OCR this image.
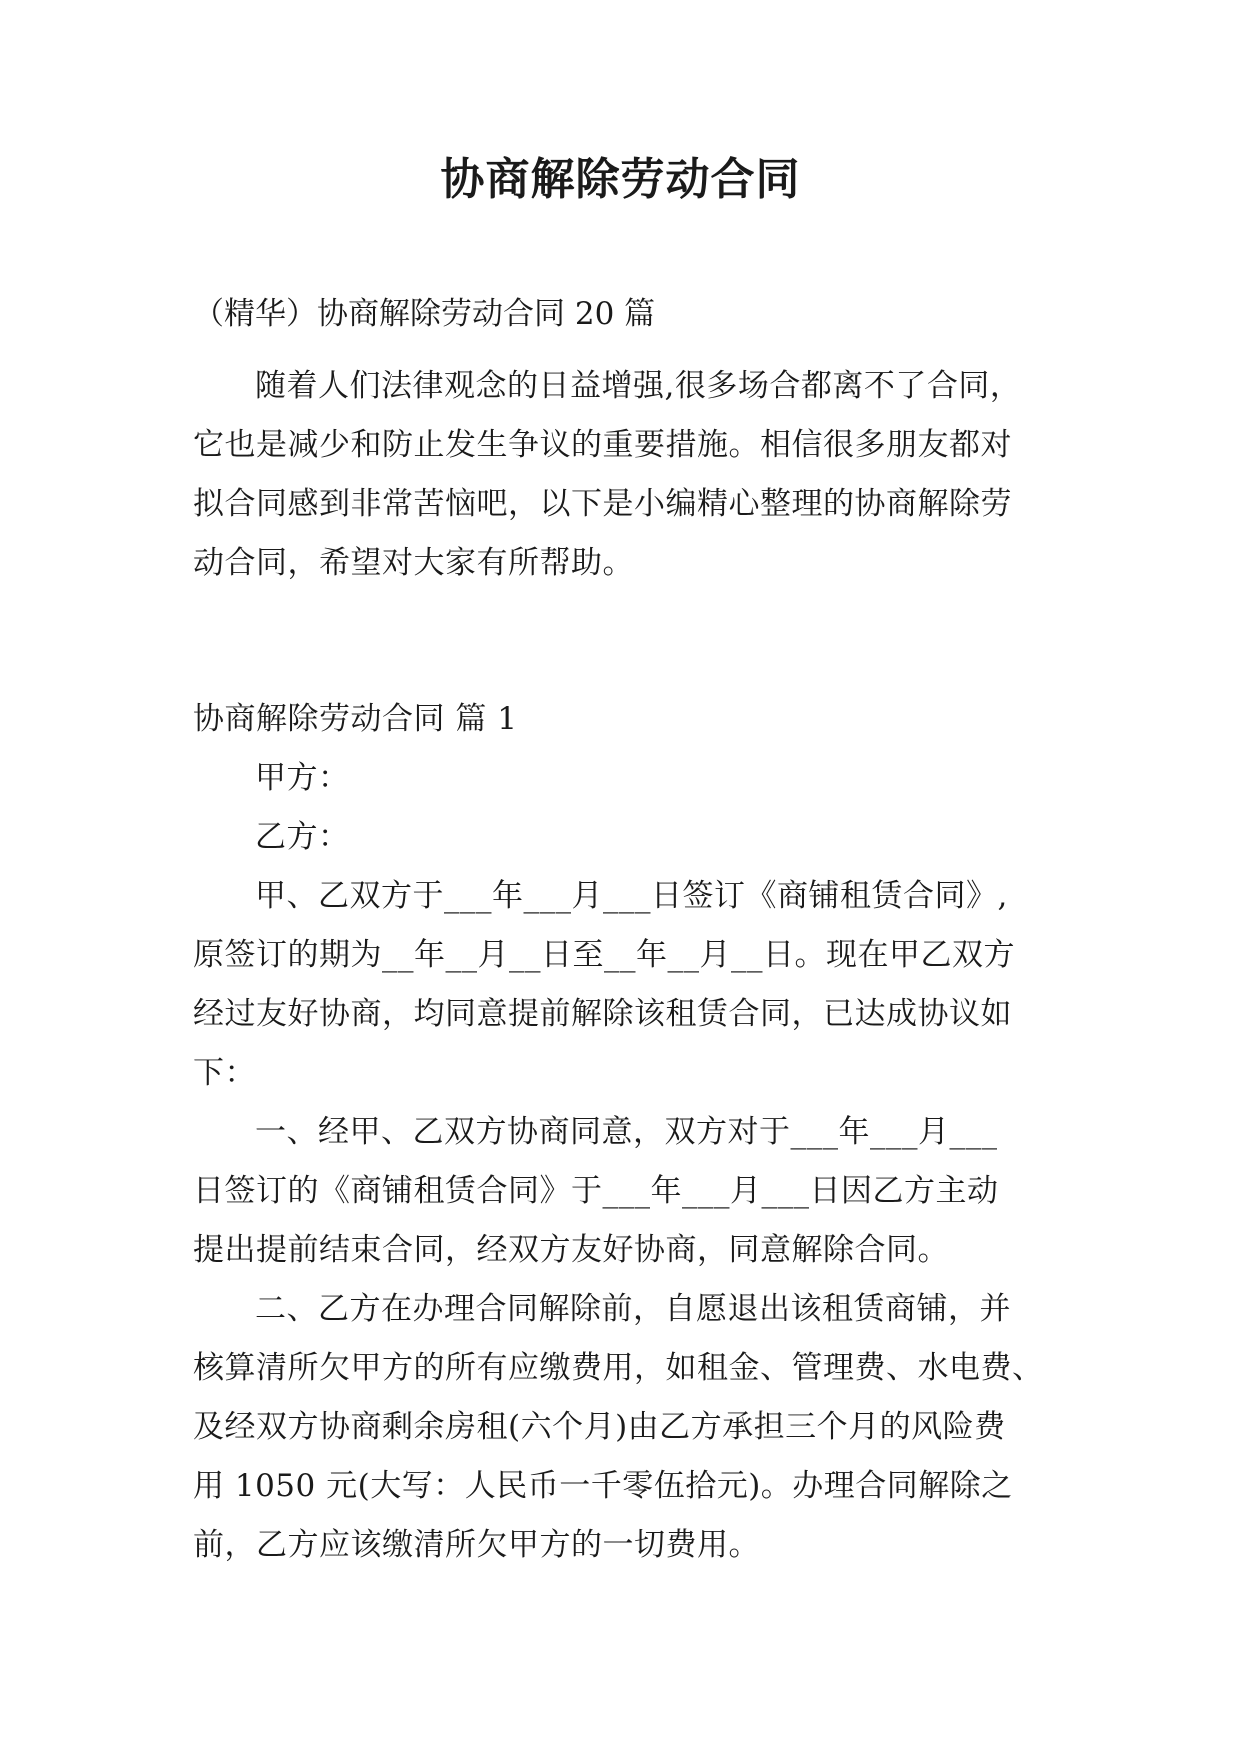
协商解除劳动合同
（精华）协商解除劳动合同 20 篇
随着人们法律观念的日益增强,很多场合都离不了合同，
它也是减少和防止发生争议的重要措施。相信很多朋友都对
拟合同感到非常苦恼吧，以下是小编精心整理的协商解除劳
动合同，希望对大家有所帮助。
协商解除劳动合同 篇 1
甲方：
乙方：
甲、乙双方于___年___月___日签订《商铺租赁合同》,
原签订的期为__年__月__日至__年__月__日。现在甲乙双方
经过友好协商，均同意提前解除该租赁合同，已达成协议如
下：
一、经甲、乙双方协商同意，双方对于___年___月___
日签订的《商铺租赁合同》于___年___月___日因乙方主动
提出提前结束合同，经双方友好协商，同意解除合同。
二、乙方在办理合同解除前，自愿退出该租赁商铺，并
核算清所欠甲方的所有应缴费用，如租金、管理费、水电费、
及经双方协商剩余房租(六个月)由乙方承担三个月的风险费
用 1050 元(大写：人民币一千零伍拾元)。办理合同解除之
前，乙方应该缴清所欠甲方的一切费用。
